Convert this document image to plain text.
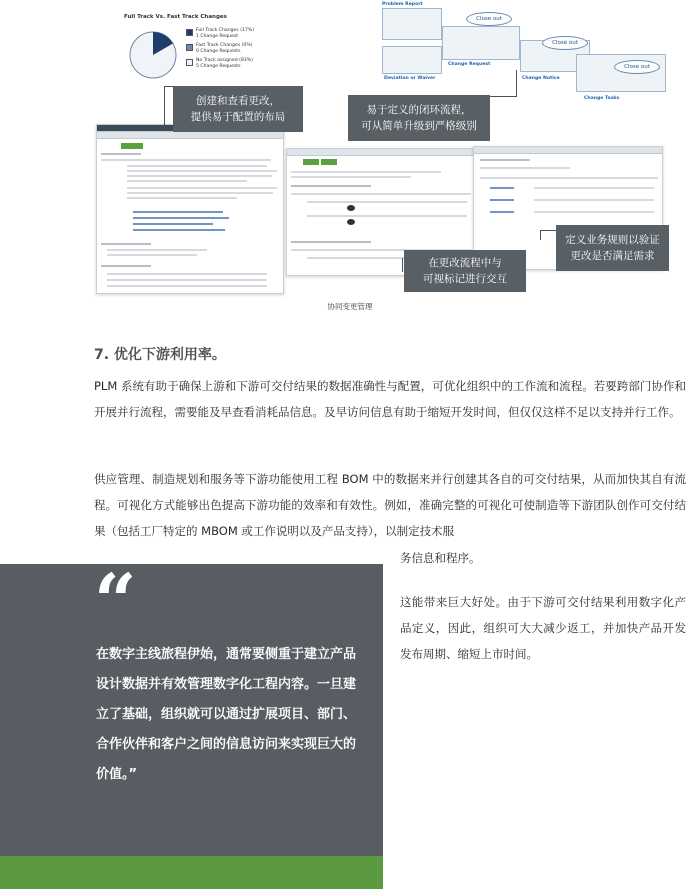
Close out
Close out
Close out
Problem Report
Deviation or Waiver
Change Request
Change Notice
Change Tasks
Full Track Vs. Fast Track Changes
Full Track Changes (17%)
1 Change Request
Fast Track Changes (0%)
0 Change Requests
No Track assigned (83%)
5 Change Requests
创建和查看更改，
提供易于配置的布局
易于定义的闭环流程，
可从简单升级到严格级别
定义业务规则以验证
更改是否满足需求
在更改流程中与
可视标记进行交互
协同变更管理
7. 优化下游利用率。

PLM 系统有助于确保上游和下游可交付结果的数据准确性与配置，可优化组织中的工作流和流程。若要跨部门协作和开展并行流程，需要能及早查看消耗品信息。及早访问信息有助于缩短开发时间，但仅仅这样不足以支持并行工作。

供应管理、制造规划和服务等下游功能使用工程 BOM 中的数据来并行创建其各自的可交付结果，从而加快其自有流程。可视化方式能够出色提高下游功能的效率和有效性。例如，准确完整的可视化可使制造等下游团队创作可交付结果（包括工厂特定的 MBOM 或工作说明以及产品支持），以制定技术服

务信息和程序。

这能带来巨大好处。由于下游可交付结果利用数字化产品定义，因此，组织可大大减少返工，并加快产品开发发布周期、缩短上市时间。

“

在数字主线旅程伊始，通常要侧重于建立产品设计数据并有效管理数字化工程内容。一旦建立了基础，组织就可以通过扩展项目、部门、合作伙伴和客户之间的信息访问来实现巨大的价值。”
